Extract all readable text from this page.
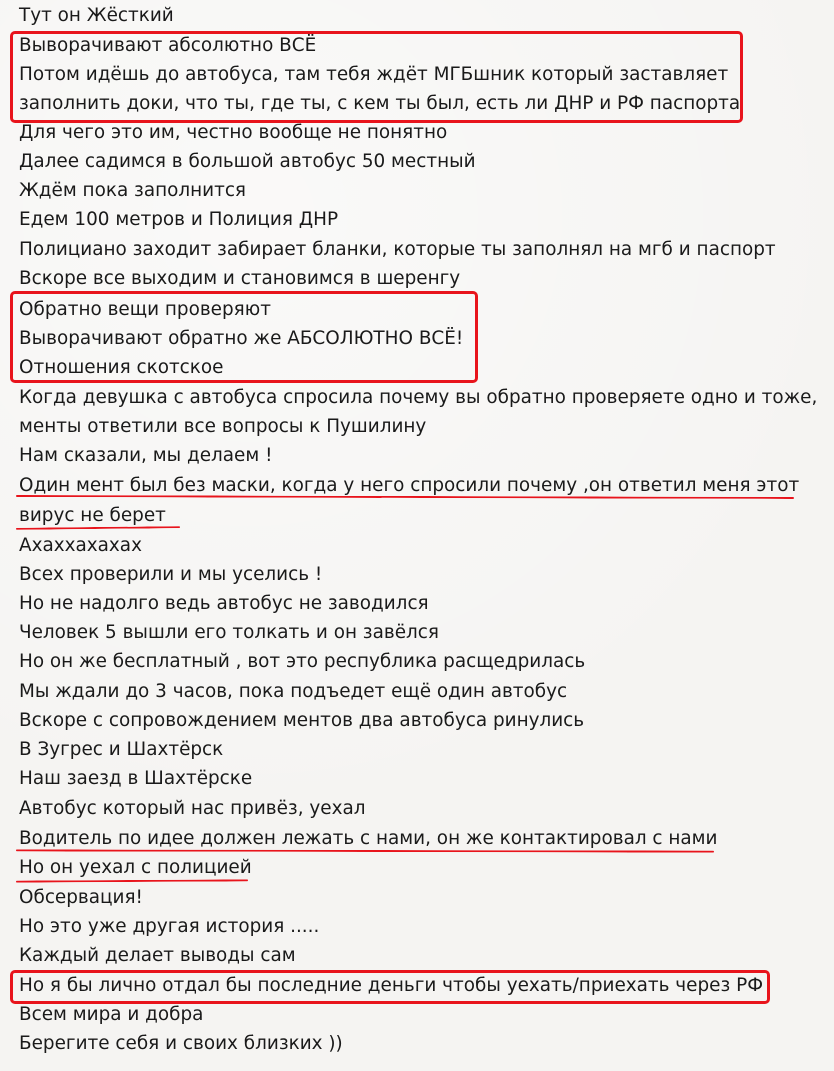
Тут он Жёсткий
Выворачивают абсолютно ВСЁ
Потом идёшь до автобуса, там тебя ждёт МГБшник который заставляет
заполнить доки, что ты, где ты, с кем ты был, есть ли ДНР и РФ паспорта
Для чего это им, честно вообще не понятно
Далее садимся в большой автобус 50 местный
Ждём пока заполнится
Едем 100 метров и Полиция ДНР
Полициано заходит забирает бланки, которые ты заполнял на мгб и паспорт
Вскоре все выходим и становимся в шеренгу
Обратно вещи проверяют
Выворачивают обратно же АБСОЛЮТНО ВСЁ!
Отношения скотское
Когда девушка с автобуса спросила почему вы обратно проверяете одно и тоже,
менты ответили все вопросы к Пушилину
Нам сказали, мы делаем !
Один мент был без маски, когда у него спросили почему ,он ответил меня этот
вирус не берет
Ахаххахахах
Всех проверили и мы уселись !
Но не надолго ведь автобус не заводился
Человек 5 вышли его толкать и он завёлся
Но он же бесплатный , вот это республика расщедрилась
Мы ждали до 3 часов, пока подъедет ещё один автобус
Вскоре с сопровождением ментов два автобуса ринулись
В Зугрес и Шахтёрск
Наш заезд в Шахтёрске
Автобус который нас привёз, уехал
Водитель по идее должен лежать с нами, он же контактировал с нами
Но он уехал с полицией
Обсервация!
Но это уже другая история .....
Каждый делает выводы сам
Но я бы лично отдал бы последние деньги чтобы уехать/приехать через РФ
Всем мира и добра
Берегите себя и своих близких ))
